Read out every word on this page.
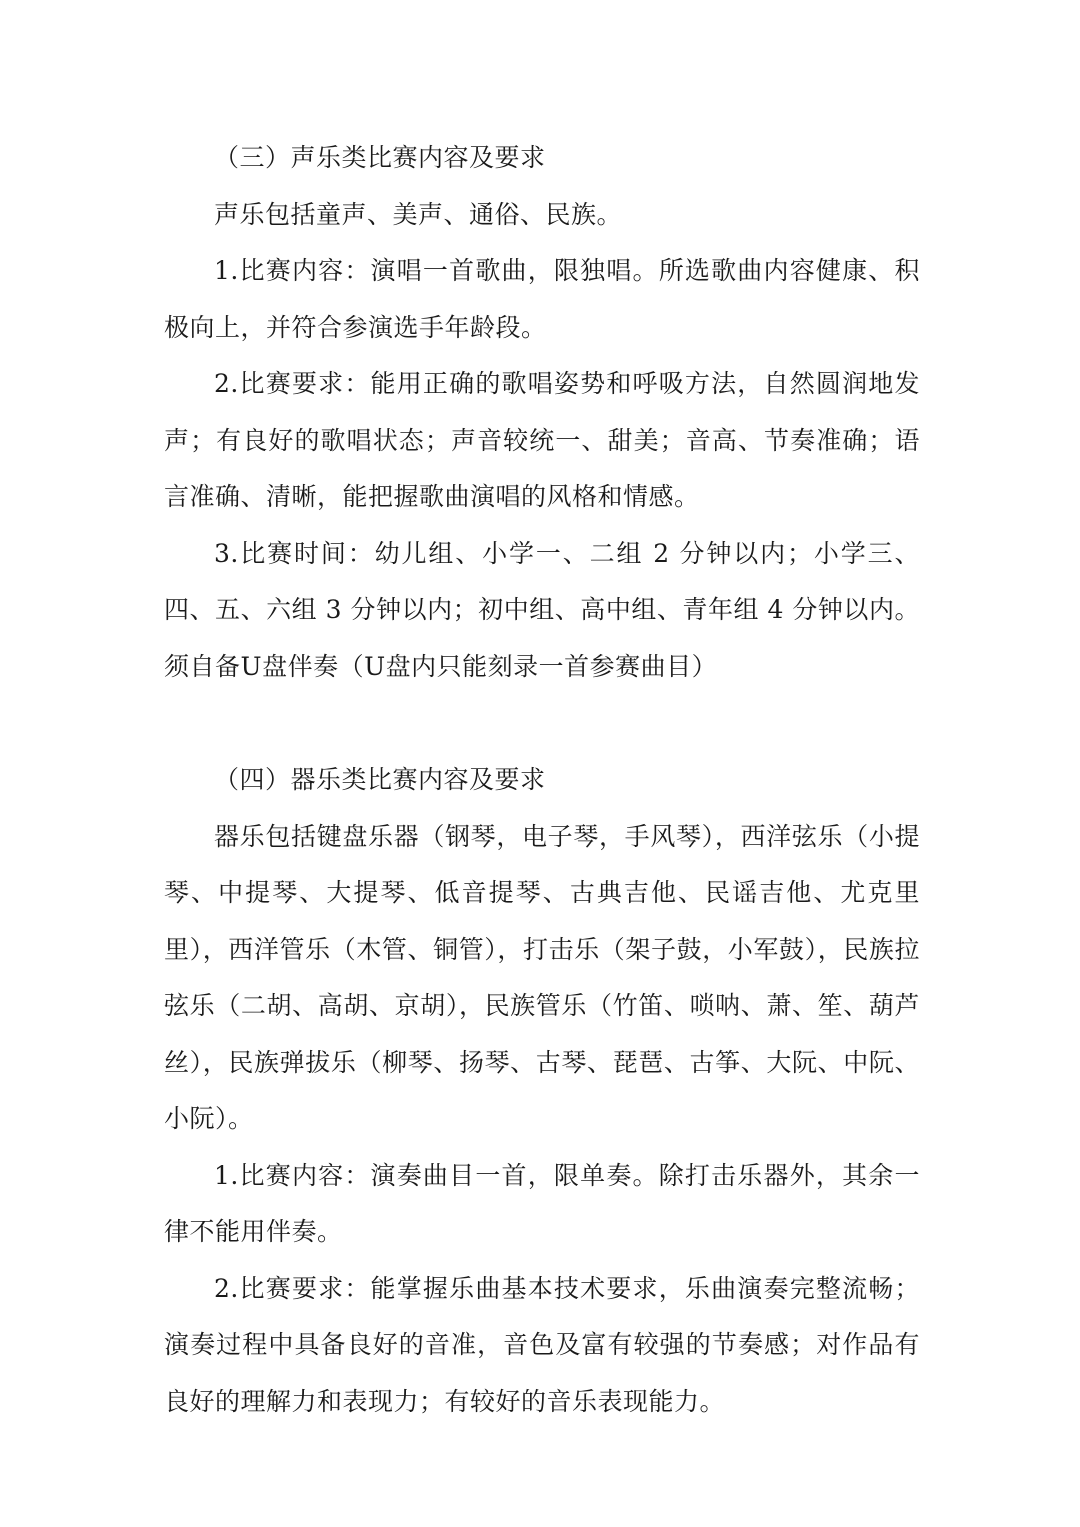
（三）声乐类比赛内容及要求

声乐包括童声、美声、通俗、民族。

1.比赛内容：演唱一首歌曲，限独唱。所选歌曲内容健康、积极向上，并符合参演选手年龄段。

2.比赛要求：能用正确的歌唱姿势和呼吸方法，自然圆润地发声；有良好的歌唱状态；声音较统一、甜美；音高、节奏准确；语言准确、清晰，能把握歌曲演唱的风格和情感。

3.比赛时间：幼儿组、小学一、二组 2 分钟以内；小学三、四、五、六组 3 分钟以内；初中组、高中组、青年组 4 分钟以内。 须自备U盘伴奏（U盘内只能刻录一首参赛曲目）

（四）器乐类比赛内容及要求

器乐包括键盘乐器（钢琴，电子琴，手风琴），西洋弦乐（小提琴、中提琴、大提琴、低音提琴、古典吉他、民谣吉他、尤克里里），西洋管乐（木管、铜管），打击乐（架子鼓，小军鼓），民族拉弦乐（二胡、高胡、京胡），民族管乐（竹笛、唢呐、萧、笙、葫芦丝），民族弹拔乐（柳琴、扬琴、古琴、琵琶、古筝、大阮、中阮、小阮）。

1.比赛内容：演奏曲目一首，限单奏。除打击乐器外，其余一律不能用伴奏。

2.比赛要求：能掌握乐曲基本技术要求，乐曲演奏完整流畅；演奏过程中具备良好的音准，音色及富有较强的节奏感；对作品有良好的理解力和表现力；有较好的音乐表现能力。
